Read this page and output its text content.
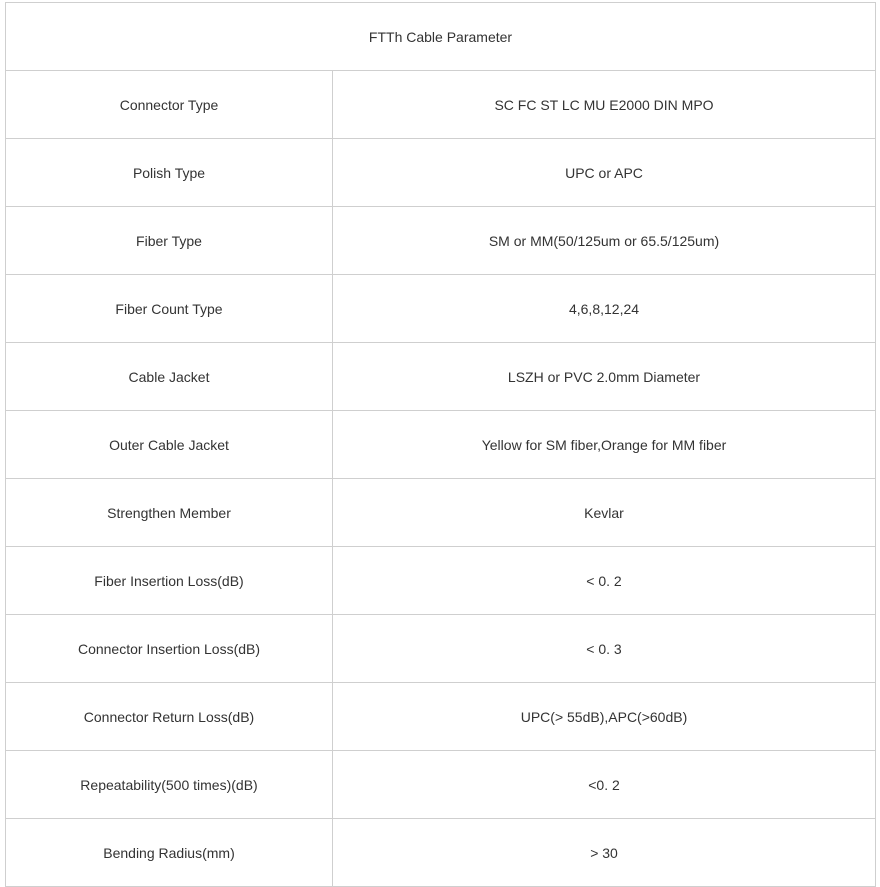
FTTh Cable Parameter	
Connector Type	SC FC ST LC MU E2000 DIN MPO
Polish Type	UPC or APC
Fiber Type	SM or MM(50/125um or 65.5/125um)
Fiber Count Type	4,6,8,12,24
Cable Jacket	LSZH or PVC 2.0mm Diameter
Outer Cable Jacket	Yellow for SM fiber,Orange for MM fiber
Strengthen Member	Kevlar
Fiber Insertion Loss(dB)	< 0. 2
Connector Insertion Loss(dB)	< 0. 3
Connector Return Loss(dB)	UPC(> 55dB),APC(>60dB)
Repeatability(500 times)(dB)	<0. 2
Bending Radius(mm)	> 30
